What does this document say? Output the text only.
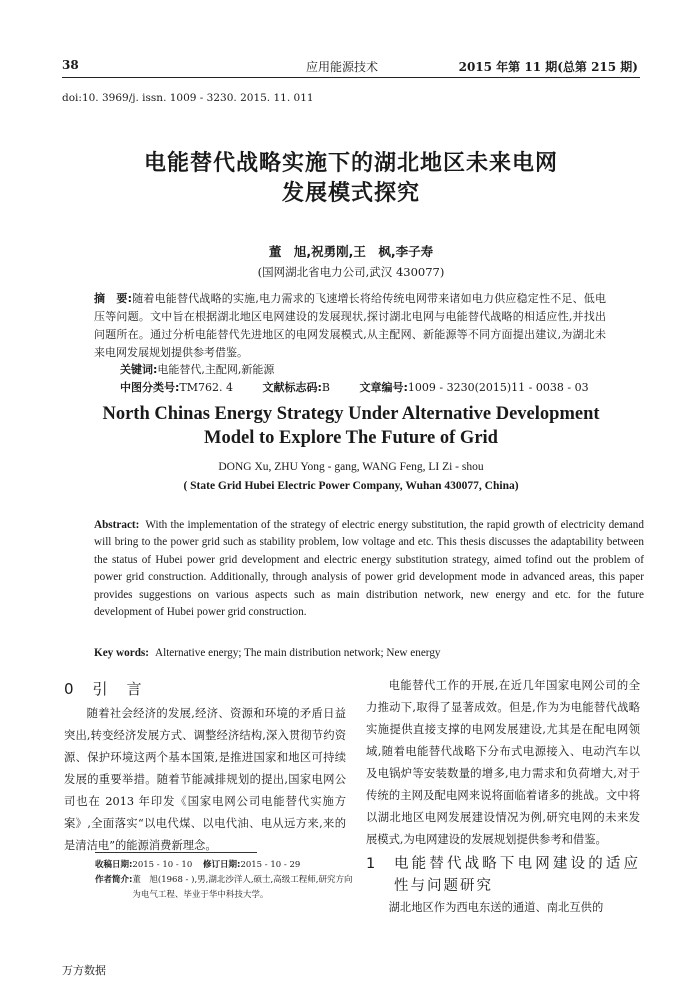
38	应用能源技术	2015 年第 11 期(总第 215 期)
doi:10. 3969/j. issn. 1009 - 3230. 2015. 11. 011
电能替代战略实施下的湖北地区未来电网
发展模式探究
董　旭,祝勇刚,王　枫,李子寿
(国网湖北省电力公司,武汉 430077)
摘　要:随着电能替代战略的实施,电力需求的飞速增长将给传统电网带来诸如电力供应稳定性不足、低电压等问题。文中旨在根据湖北地区电网建设的发展现状,探讨湖北电网与电能替代战略的相适应性,并找出问题所在。通过分析电能替代先进地区的电网发展模式,从主配网、新能源等不同方面提出建议,为湖北未来电网发展规划提供参考借鉴。
关键词:电能替代,主配网,新能源
中图分类号:TM762. 4	文献标志码:B	文章编号:1009 - 3230(2015)11 - 0038 - 03
North Chinas Energy Strategy Under Alternative Development
Model to Explore The Future of Grid
DONG Xu, ZHU Yong - gang, WANG Feng, LI Zi - shou
( State Grid Hubei Electric Power Company, Wuhan 430077, China)
Abstract: With the implementation of the strategy of electric energy substitution, the rapid growth of electricity demand will bring to the power grid such as stability problem, low voltage and etc. This thesis discusses the adaptability between the status of Hubei power grid development and electric energy substitution strategy, aimed tofind out the problem of power grid construction. Additionally, through analysis of power grid development mode in advanced areas, this paper provides suggestions on various aspects such as main distribution network, new energy and etc. for the future development of Hubei power grid construction.
Key words: Alternative energy; The main distribution network; New energy
0　引　言

随着社会经济的发展,经济、资源和环境的矛盾日益突出,转变经济发展方式、调整经济结构,深入贯彻节约资源、保护环境这两个基本国策,是推进国家和地区可持续发展的重要举措。随着节能减排规划的提出,国家电网公司也在 2013 年印发《国家电网公司电能替代实施方案》,全面落实“以电代煤、以电代油、电从远方来,来的是清洁电”的能源消费新理念。

收稿日期:2015 - 10 - 10 修订日期:2015 - 10 - 29
作者简介: 董　旭(1968 - ),男,湖北沙洋人,硕士,高级工程师,研究方向为电气工程、毕业于华中科技大学。

电能替代工作的开展,在近几年国家电网公司的全力推动下,取得了显著成效。但是,作为为电能替代战略实施提供直接支撑的电网发展建设,尤其是在配电网领域,随着电能替代战略下分布式电源接入、电动汽车以及电锅炉等安装数量的增多,电力需求和负荷增大,对于传统的主网及配电网来说将面临着诸多的挑战。文中将以湖北地区电网发展建设情况为例,研究电网的未来发展模式,为电网建设的发展规划提供参考和借鉴。

1	电能替代战略下电网建设的适应性与问题研究

湖北地区作为西电东送的通道、南北互供的

万方数据
